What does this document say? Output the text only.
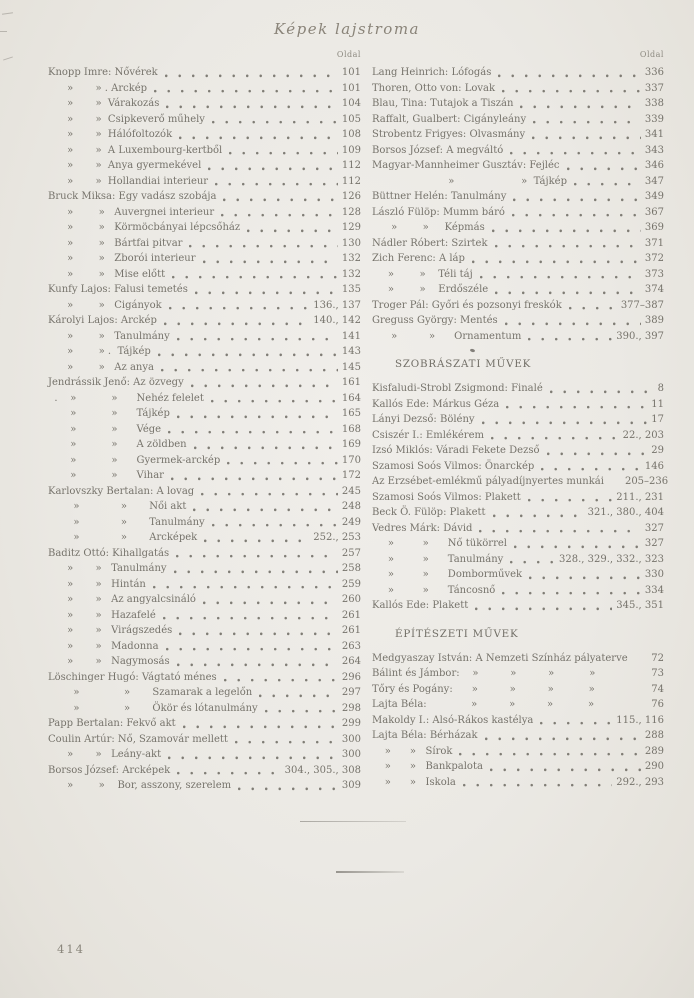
Képek lajstroma
Oldal
Knopp Imre: Nővérek	101
»       » . Arckép	101
»       »  Várakozás	104
»       »  Csipkeverő műhely	105
»       »  Hálófoltozók	108
»       »  A Luxembourg-kertből	109
»       »  Anya gyermekével	112
»       »  Hollandiai interieur	112
Bruck Miksa: Egy vadász szobája	126
»        »   Auvergnei interieur	128
»        »   Körmöcbányai lépcsőház	129
»        »   Bártfai pitvar	130
»        »   Zborói interieur	132
»        »   Mise előtt	132
Kunfy Lajos: Falusi temetés	135
»        »   Cigányok	136., 137
Károlyi Lajos: Arckép	140., 142
»        »   Tanulmány	141
»        » .  Tájkép	143
»        »   Az anya	145
Jendrássik Jenő: Az özvegy	161
.    »           »      Nehéz felelet	164
»           »      Tájkép	165
»           »      Vége	168
»           »      A zöldben	169
»           »      Gyermek-arckép	170
»           »      Vihar	172
Karlovszky Bertalan: A lovag	245
»             »       Női akt	248
»             »       Tanulmány	249
»             »       Arcképek	252., 253
Baditz Ottó: Kihallgatás	257
»       »   Tanulmány	258
»       »   Hintán	259
»       »   Az angyalcsináló	260
»       »   Hazafelé	261
»       »   Virágszedés	261
»       »   Madonna	263
»       »   Nagymosás	264
Löschinger Hugó: Vágtató ménes	296
»              »       Szamarak a legelőn	297
»              »       Ökör és lótanulmány	298
Papp Bertalan: Fekvő akt	299
Coulin Artúr: Nő, Szamovár mellett	300
»       »   Leány-akt	300
Borsos József: Arcképek	304., 305., 308
»        »    Bor, asszony, szerelem	309
Oldal
Lang Heinrich: Lófogás	336
Thoren, Otto von: Lovak	337
Blau, Tina: Tutajok a Tiszán	338
Raffalt, Gualbert: Cigányleány	339
Strobentz Frigyes: Olvasmány	341
Borsos József: A megváltó	343
Magyar-Mannheimer Gusztáv: Fejléc	346
»                     »  Tájkép	347
Büttner Helén: Tanulmány	349
László Fülöp: Mumm báró	367
»        »     Képmás	369
Nádler Róbert: Szirtek	371
Zich Ferenc: A láp	372
»        »    Téli táj	373
»        »    Erdőszéle	374
Troger Pál: Győri és pozsonyi freskók	377–387
Greguss György: Mentés	389
»          »      Ornamentum	390., 397
SZOBRÁSZATI MŰVEK
Kisfaludi-Strobl Zsigmond: Finalé	8
Kallós Ede: Márkus Géza	11
Lányi Dezső: Bölény	17
Csiszér I.: Emlékérem	22., 203
Izsó Miklós: Váradi Fekete Dezső	29
Szamosi Soós Vilmos: Önarckép	146
Az Erzsébet-emlékmű pályadíjnyertes munkái 205–236
Szamosi Soós Vilmos: Plakett	211., 231
Beck Ö. Fülöp: Plakett	321., 380., 404
Vedres Márk: Dávid	327
»         »      Nő tükörrel	327
»         »      Tanulmány	328., 329., 332., 323
»         »      Domborművek	330
»         »      Táncosnő	334
Kallós Ede: Plakett	345., 351
ÉPÍTÉSZETI MŰVEK
Medgyaszay István: A Nemzeti Színház pályaterve 72
Bálint és Jámbor:    »          »          »           »	73
Tőry és Pogány:      »          »          »           »	74
Lajta Béla:              »          »          »           »	76
Makoldy I.: Alsó-Rákos kastélya	115., 116
Lajta Béla: Bérházak	288
»      »   Sírok	289
»      »   Bankpalota	290
»      »   Iskola	292., 293
414
